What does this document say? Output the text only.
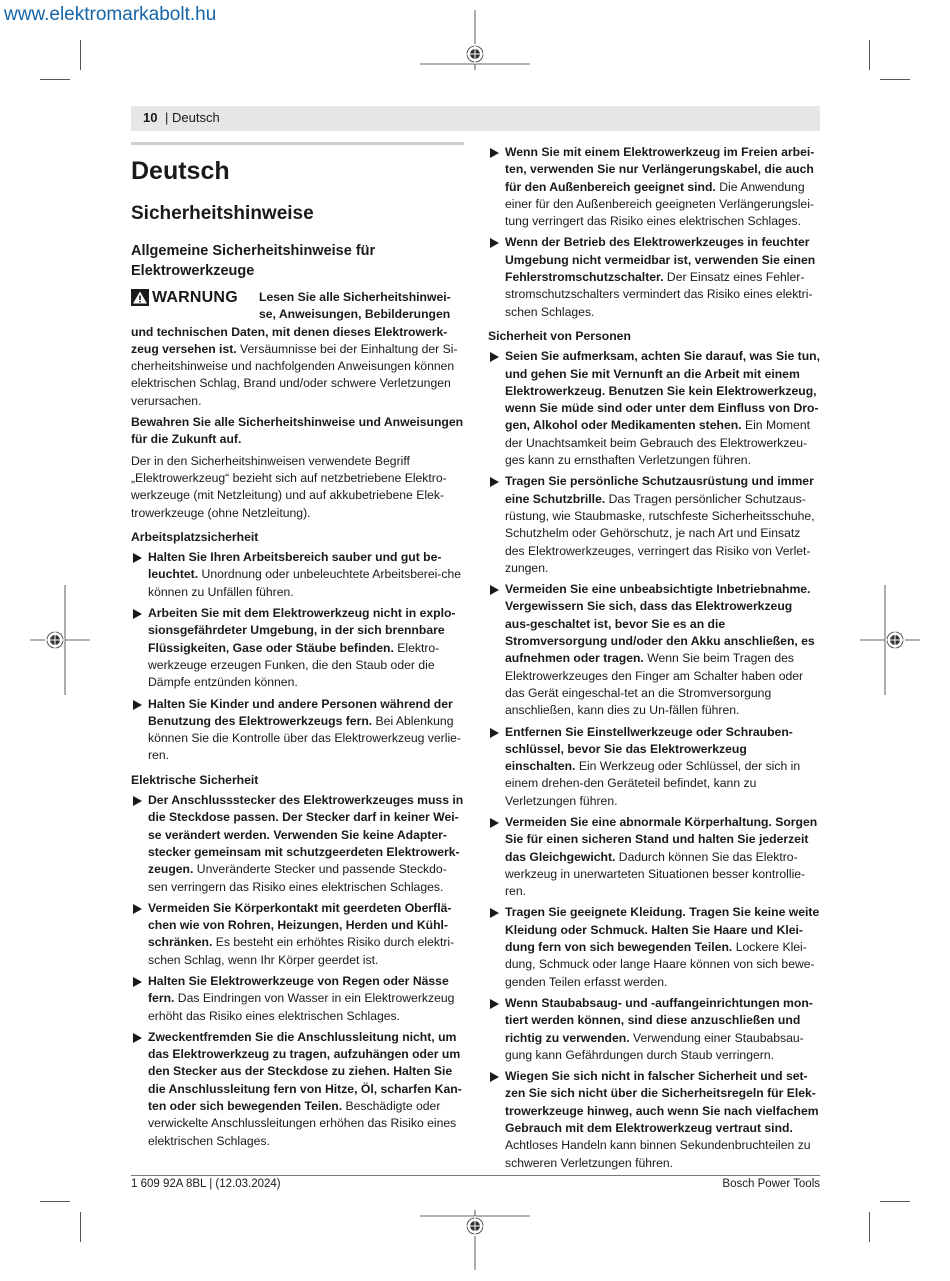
www.elektromarkabolt.hu
10 | Deutsch
Deutsch
Sicherheitshinweise
Allgemeine Sicherheitshinweise für
Elektrowerkzeuge
WARNUNG Lesen Sie alle Sicherheitshinwei-se, Anweisungen, Bebilderungen
und technischen Daten, mit denen dieses Elektrowerk-zeug versehen ist. Versäumnisse bei der Einhaltung der Si-cherheitshinweise und nachfolgenden Anweisungen können elektrischen Schlag, Brand und/oder schwere Verletzungen verursachen.
Bewahren Sie alle Sicherheitshinweise und Anweisungen für die Zukunft auf.
Der in den Sicherheitshinweisen verwendete Begriff „Elektrowerkzeug“ bezieht sich auf netzbetriebene Elektro-werkzeuge (mit Netzleitung) und auf akkubetriebene Elek-trowerkzeuge (ohne Netzleitung).
Arbeitsplatzsicherheit
Halten Sie Ihren Arbeitsbereich sauber und gut be-leuchtet. Unordnung oder unbeleuchtete Arbeitsberei-che können zu Unfällen führen.
Arbeiten Sie mit dem Elektrowerkzeug nicht in explo-sionsgefährdeter Umgebung, in der sich brennbare Flüssigkeiten, Gase oder Stäube befinden. Elektro-werkzeuge erzeugen Funken, die den Staub oder die Dämpfe entzünden können.
Halten Sie Kinder und andere Personen während der Benutzung des Elektrowerkzeugs fern. Bei Ablenkung können Sie die Kontrolle über das Elektrowerkzeug verlie-ren.
Elektrische Sicherheit
Der Anschlussstecker des Elektrowerkzeuges muss in die Steckdose passen. Der Stecker darf in keiner Wei-se verändert werden. Verwenden Sie keine Adapter-stecker gemeinsam mit schutzgeerdeten Elektrowerk-zeugen. Unveränderte Stecker und passende Steckdo-sen verringern das Risiko eines elektrischen Schlages.
Vermeiden Sie Körperkontakt mit geerdeten Oberflä-chen wie von Rohren, Heizungen, Herden und Kühl-schränken. Es besteht ein erhöhtes Risiko durch elektri-schen Schlag, wenn Ihr Körper geerdet ist.
Halten Sie Elektrowerkzeuge von Regen oder Nässe fern. Das Eindringen von Wasser in ein Elektrowerkzeug erhöht das Risiko eines elektrischen Schlages.
Zweckentfremden Sie die Anschlussleitung nicht, um das Elektrowerkzeug zu tragen, aufzuhängen oder um den Stecker aus der Steckdose zu ziehen. Halten Sie die Anschlussleitung fern von Hitze, Öl, scharfen Kan-ten oder sich bewegenden Teilen. Beschädigte oder verwickelte Anschlussleitungen erhöhen das Risiko eines elektrischen Schlages.
Wenn Sie mit einem Elektrowerkzeug im Freien arbei-ten, verwenden Sie nur Verlängerungskabel, die auch für den Außenbereich geeignet sind. Die Anwendung einer für den Außenbereich geeigneten Verlängerungslei-tung verringert das Risiko eines elektrischen Schlages.
Wenn der Betrieb des Elektrowerkzeuges in feuchter Umgebung nicht vermeidbar ist, verwenden Sie einen Fehlerstromschutzschalter. Der Einsatz eines Fehler-stromschutzschalters vermindert das Risiko eines elektri-schen Schlages.
Sicherheit von Personen
Seien Sie aufmerksam, achten Sie darauf, was Sie tun, und gehen Sie mit Vernunft an die Arbeit mit einem Elektrowerkzeug. Benutzen Sie kein Elektrowerkzeug, wenn Sie müde sind oder unter dem Einfluss von Dro-gen, Alkohol oder Medikamenten stehen. Ein Moment der Unachtsamkeit beim Gebrauch des Elektrowerkzeu-ges kann zu ernsthaften Verletzungen führen.
Tragen Sie persönliche Schutzausrüstung und immer eine Schutzbrille. Das Tragen persönlicher Schutzaus-rüstung, wie Staubmaske, rutschfeste Sicherheitsschuhe, Schutzhelm oder Gehörschutz, je nach Art und Einsatz des Elektrowerkzeuges, verringert das Risiko von Verlet-zungen.
Vermeiden Sie eine unbeabsichtigte Inbetriebnahme. Vergewissern Sie sich, dass das Elektrowerkzeug aus-geschaltet ist, bevor Sie es an die Stromversorgung und/oder den Akku anschließen, es aufnehmen oder tragen. Wenn Sie beim Tragen des Elektrowerkzeuges den Finger am Schalter haben oder das Gerät eingeschal-tet an die Stromversorgung anschließen, kann dies zu Un-fällen führen.
Entfernen Sie Einstellwerkzeuge oder Schrauben-schlüssel, bevor Sie das Elektrowerkzeug einschalten. Ein Werkzeug oder Schlüssel, der sich in einem drehen-den Geräteteil befindet, kann zu Verletzungen führen.
Vermeiden Sie eine abnormale Körperhaltung. Sorgen Sie für einen sicheren Stand und halten Sie jederzeit das Gleichgewicht. Dadurch können Sie das Elektro-werkzeug in unerwarteten Situationen besser kontrollie-ren.
Tragen Sie geeignete Kleidung. Tragen Sie keine weite Kleidung oder Schmuck. Halten Sie Haare und Klei-dung fern von sich bewegenden Teilen. Lockere Klei-dung, Schmuck oder lange Haare können von sich bewe-genden Teilen erfasst werden.
Wenn Staubabsaug- und -auffangeinrichtungen mon-tiert werden können, sind diese anzuschließen und richtig zu verwenden. Verwendung einer Staubabsau-gung kann Gefährdungen durch Staub verringern.
Wiegen Sie sich nicht in falscher Sicherheit und set-zen Sie sich nicht über die Sicherheitsregeln für Elek-trowerkzeuge hinweg, auch wenn Sie nach vielfachem Gebrauch mit dem Elektrowerkzeug vertraut sind. Achtloses Handeln kann binnen Sekundenbruchteilen zu schweren Verletzungen führen.
1 609 92A 8BL | (12.03.2024)	Bosch Power Tools
